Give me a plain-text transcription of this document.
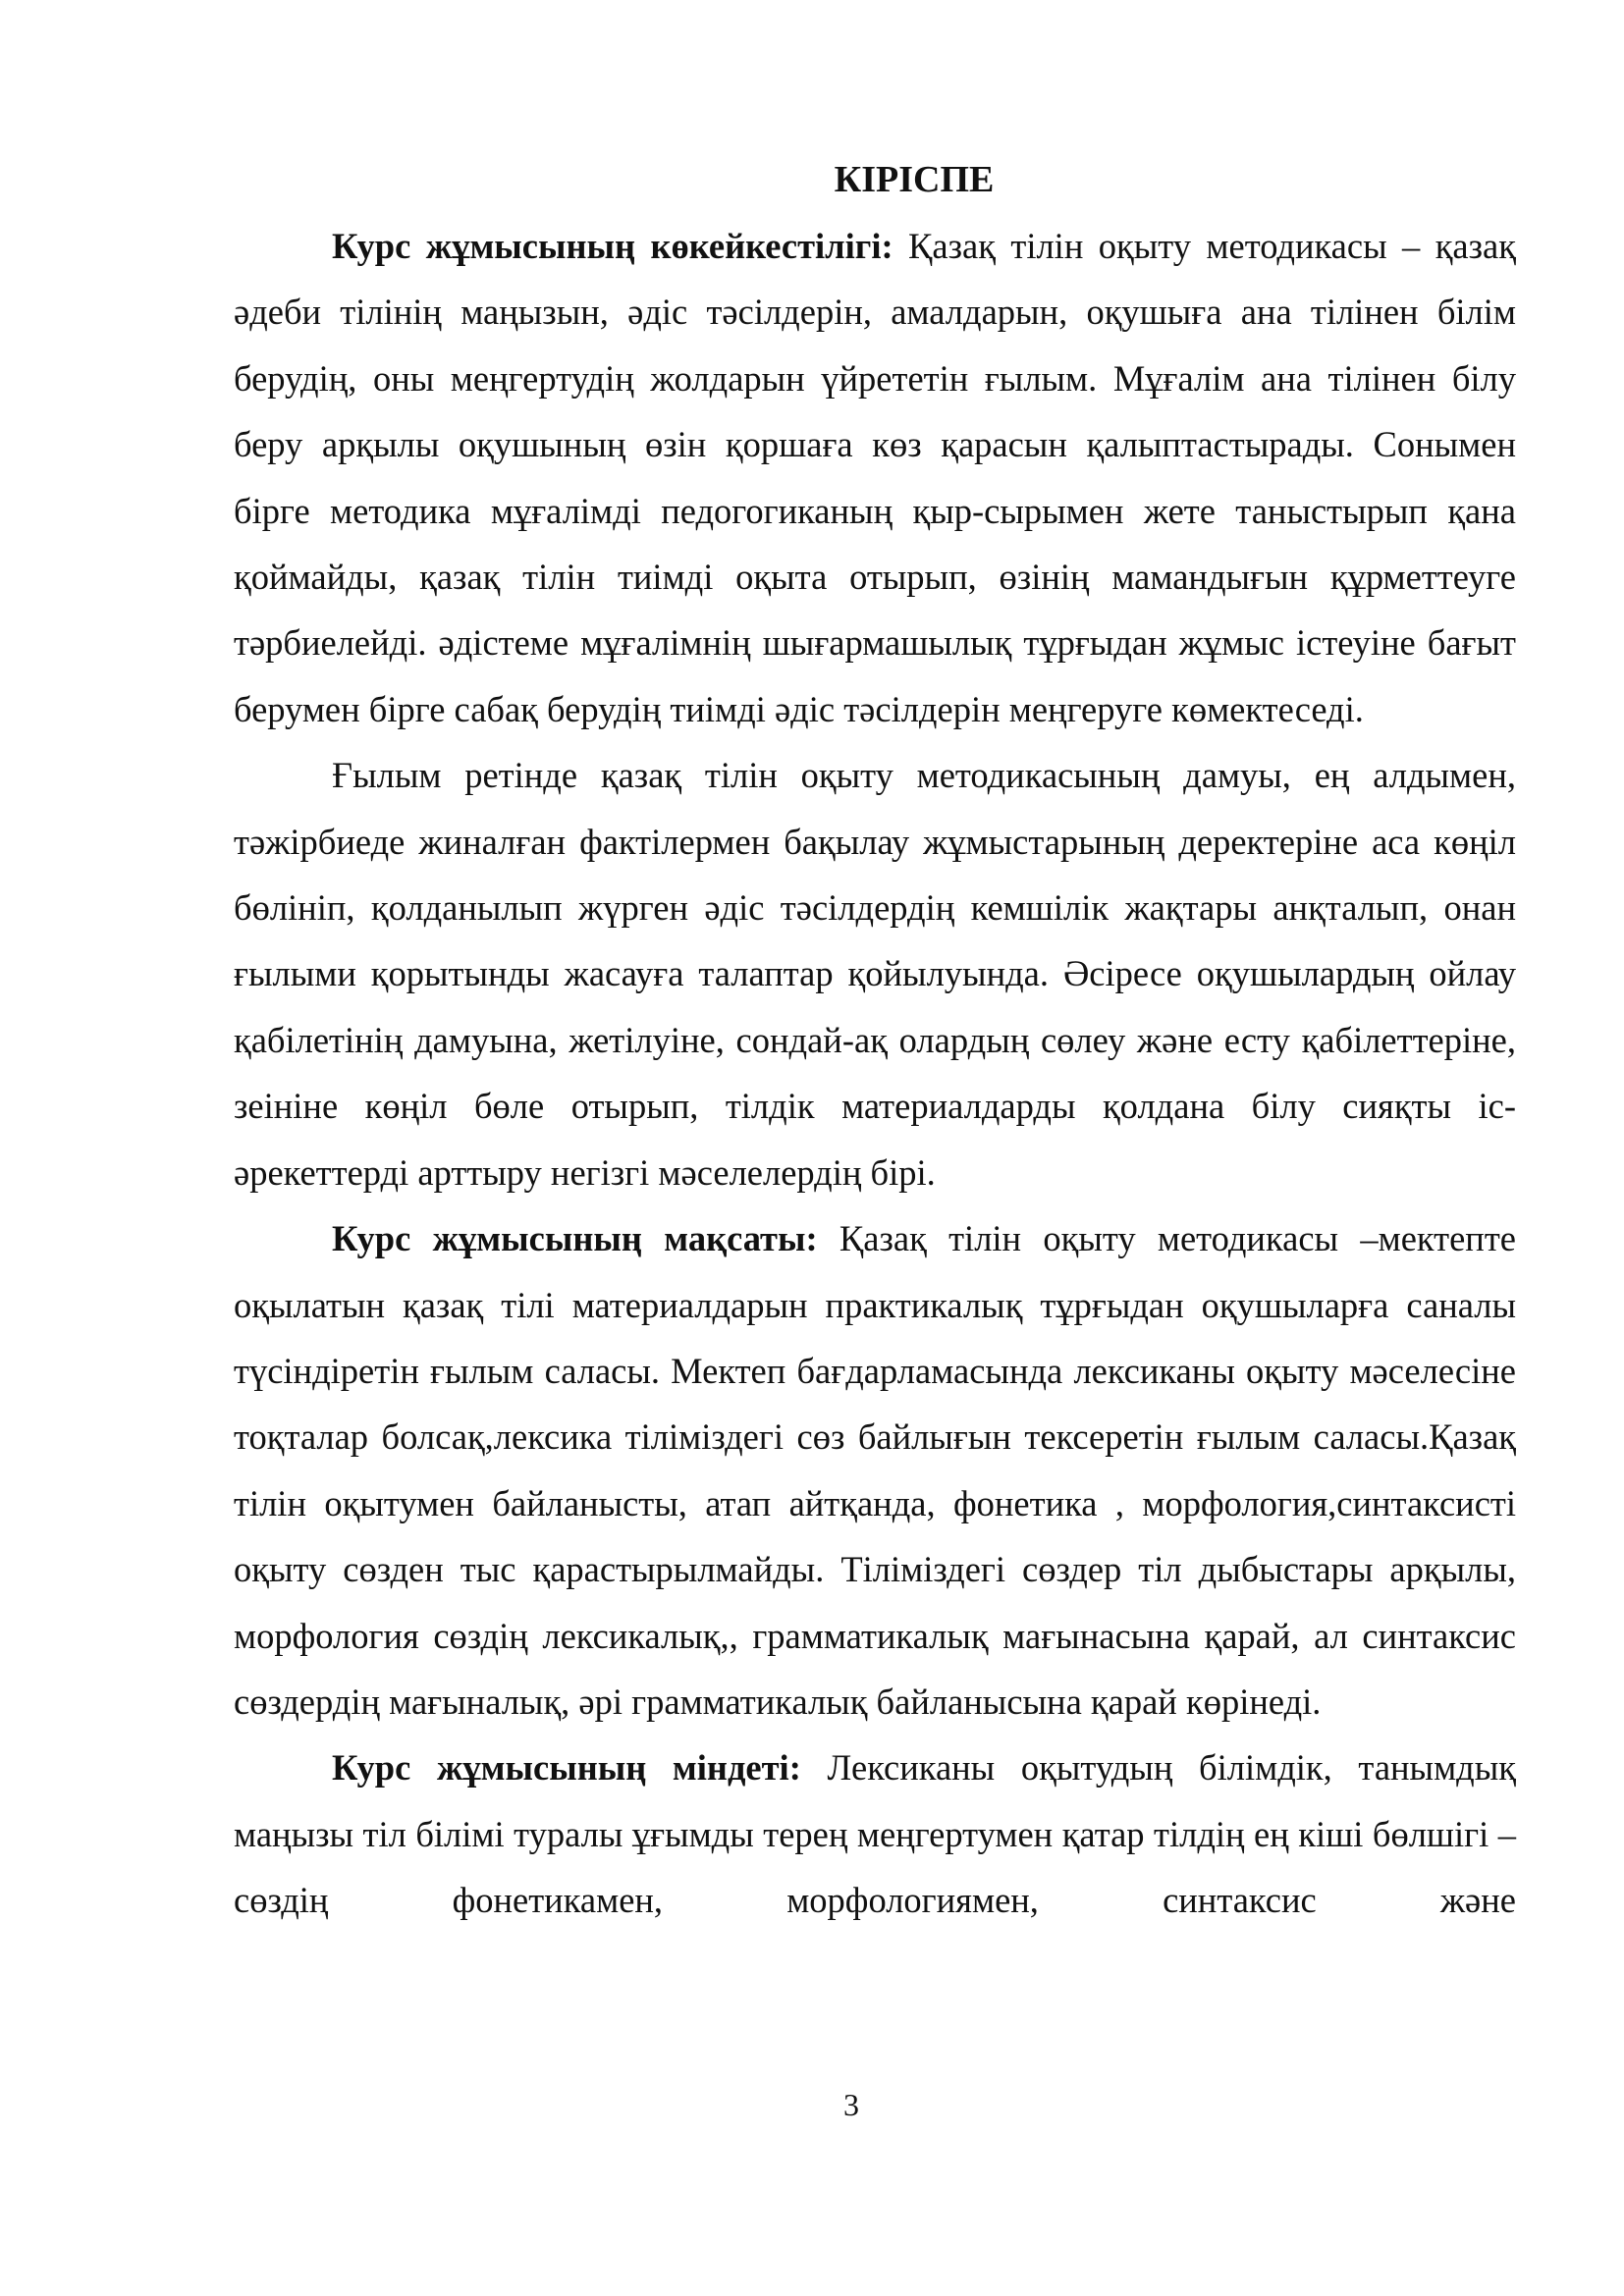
КІРІСПЕ

Курс жұмысының көкейкестілігі: Қазақ тілін оқыту методикасы – қазақ әдеби тілінің маңызын, әдіс тәсілдерін, амалдарын, оқушыға ана тілінен білім берудің, оны меңгертудің жолдарын үйрететін ғылым. Мұғалім ана тілінен білу беру арқылы оқушының өзін қоршаға көз қарасын қалыптастырады. Сонымен бірге методика мұғалімді педогогиканың қыр-сырымен жете таныстырып қана қоймайды, қазақ тілін тиімді оқыта отырып, өзінің мамандығын құрметтеуге тәрбиелейді. әдістеме мұғалімнің шығармашылық тұрғыдан жұмыс істеуіне бағыт берумен бірге сабақ берудің тиімді әдіс тәсілдерін меңгеруге көмектеседі.

Ғылым ретінде қазақ тілін оқыту методикасының дамуы, ең алдымен, тәжірбиеде жиналған фактілермен бақылау жұмыстарының деректеріне аса көңіл бөлініп, қолданылып жүрген әдіс тәсілдердің кемшілік жақтары анқталып, онан ғылыми қорытынды жасауға талаптар қойылуында. Әсіресе оқушылардың ойлау қабілетінің дамуына, жетілуіне, сондай-ақ олардың сөлеу және есту қабілеттеріне, зеініне көңіл бөле отырып, тілдік материалдарды қолдана білу сияқты іс-әрекеттерді арттыру негізгі мәселелердің бірі.

Курс жұмысының мақсаты: Қазақ тілін оқыту методикасы –мектепте оқылатын қазақ тілі материалдарын практикалық тұрғыдан оқушыларға саналы түсіндіретін ғылым саласы. Мектеп бағдарламасында лексиканы оқыту мәселесіне тоқталар болсақ,лексика тіліміздегі сөз байлығын тексеретін ғылым саласы.Қазақ тілін оқытумен байланысты, атап айтқанда, фонетика , морфология,синтаксисті оқыту сөзден тыс қарастырылмайды. Тіліміздегі сөздер тіл дыбыстары арқылы, морфология сөздің лексикалық,, грамматикалық мағынасына қарай, ал синтаксис сөздердің мағыналық, әрі грамматикалық байланысына қарай көрінеді.

Курс жұмысының міндеті: Лексиканы оқытудың білімдік, танымдық маңызы тіл білімі туралы ұғымды терең меңгертумен қатар тілдің ең кіші бөлшігі – сөздің фонетикамен, морфологиямен, синтаксис және

3
